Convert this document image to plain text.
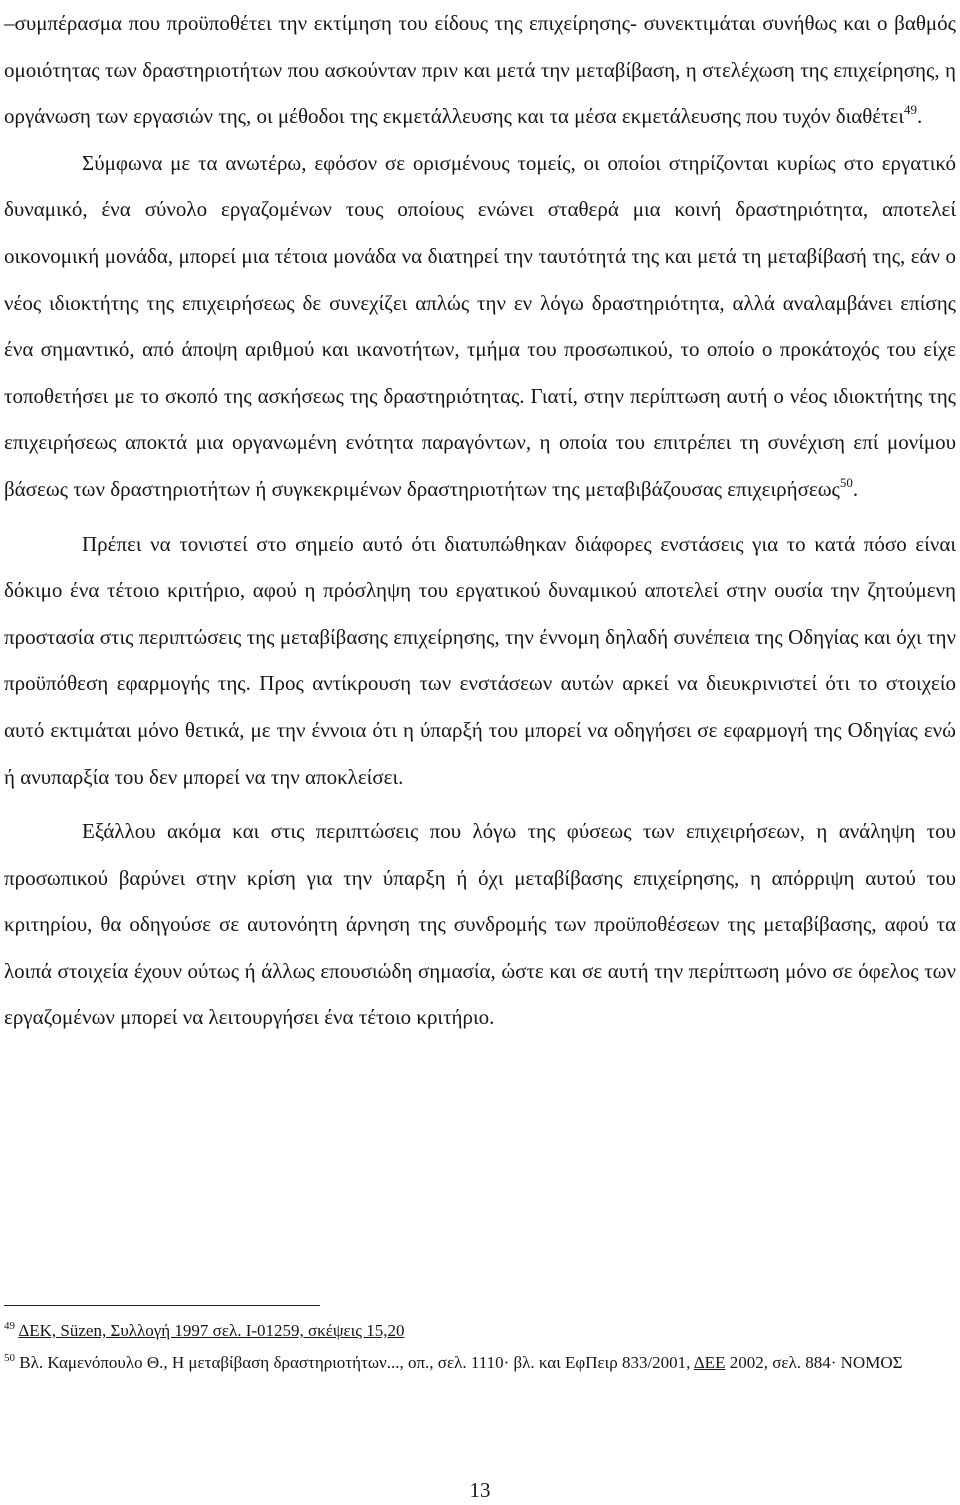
–συμπέρασμα που προϋποθέτει την εκτίμηση του είδους της επιχείρησης- συνεκτιμάται συνήθως και ο βαθμός ομοιότητας των δραστηριοτήτων που ασκούνταν πριν και μετά την μεταβίβαση, η στελέχωση της επιχείρησης, η οργάνωση των εργασιών της, οι μέθοδοι της εκμετάλλευσης και τα μέσα εκμετάλευσης που τυχόν διαθέτει$^{49}$.

Σύμφωνα με τα ανωτέρω, εφόσον σε ορισμένους τομείς, οι οποίοι στηρίζονται κυρίως στο εργατικό δυναμικό, ένα σύνολο εργαζομένων τους οποίους ενώνει σταθερά μια κοινή δραστηριότητα, αποτελεί οικονομική μονάδα, μπορεί μια τέτοια μονάδα να διατηρεί την ταυτότητά της και μετά τη μεταβίβασή της, εάν ο νέος ιδιοκτήτης της επιχειρήσεως δε συνεχίζει απλώς την εν λόγω δραστηριότητα, αλλά αναλαμβάνει επίσης ένα σημαντικό, από άποψη αριθμού και ικανοτήτων, τμήμα του προσωπικού, το οποίο ο προκάτοχός του είχε τοποθετήσει με το σκοπό της ασκήσεως της δραστηριότητας. Γιατί, στην περίπτωση αυτή ο νέος ιδιοκτήτης της επιχειρήσεως αποκτά μια οργανωμένη ενότητα παραγόντων, η οποία του επιτρέπει τη συνέχιση επί μονίμου βάσεως των δραστηριοτήτων ή συγκεκριμένων δραστηριοτήτων της μεταβιβάζουσας επιχειρήσεως$^{50}$.

Πρέπει να τονιστεί στο σημείο αυτό ότι διατυπώθηκαν διάφορες ενστάσεις για το κατά πόσο είναι δόκιμο ένα τέτοιο κριτήριο, αφού η πρόσληψη του εργατικού δυναμικού αποτελεί στην ουσία την ζητούμενη προστασία στις περιπτώσεις της μεταβίβασης επιχείρησης, την έννομη δηλαδή συνέπεια της Οδηγίας και όχι την προϋπόθεση εφαρμογής της. Προς αντίκρουση των ενστάσεων αυτών αρκεί να διευκρινιστεί ότι το στοιχείο αυτό εκτιμάται μόνο θετικά, με την έννοια ότι η ύπαρξή του μπορεί να οδηγήσει σε εφαρμογή της Οδηγίας ενώ ή ανυπαρξία του δεν μπορεί να την αποκλείσει.

Εξάλλου ακόμα και στις περιπτώσεις που λόγω της φύσεως των επιχειρήσεων, η ανάληψη του προσωπικού βαρύνει στην κρίση για την ύπαρξη ή όχι μεταβίβασης επιχείρησης, η απόρριψη αυτού του κριτηρίου, θα οδηγούσε σε αυτονόητη άρνηση της συνδρομής των προϋποθέσεων της μεταβίβασης, αφού τα λοιπά στοιχεία έχουν ούτως ή άλλως επουσιώδη σημασία, ώστε και σε αυτή την περίπτωση μόνο σε όφελος των εργαζομένων μπορεί να λειτουργήσει ένα τέτοιο κριτήριο.

$^{49}$ ΔΕΚ, Süzen, Συλλογή 1997 σελ. I-01259, σκέψεις 15,20

$^{50}$ Βλ. Καμενόπουλο Θ., Η μεταβίβαση δραστηριοτήτων..., οπ., σελ. 1110· βλ. και ΕφΠειρ 833/2001, ΔΕΕ 2002, σελ. 884· ΝΟΜΟΣ

13
